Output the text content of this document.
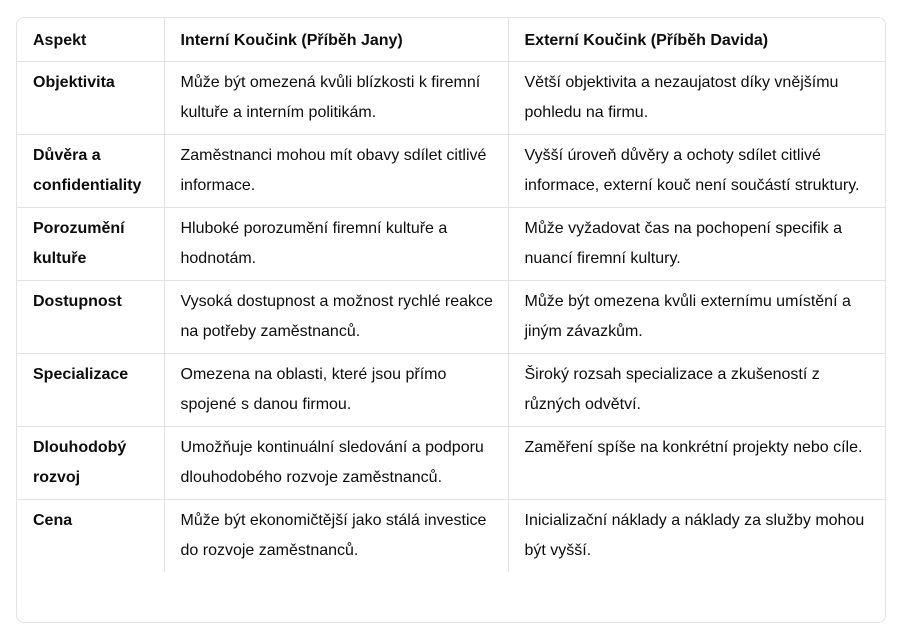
Aspekt	Interní Koučink (Příběh Jany)	Externí Koučink (Příběh Davida)
Objektivita	Může být omezená kvůli blízkosti k firemní kultuře a interním politikám.	Větší objektivita a nezaujatost díky vnějšímu pohledu na firmu.
Důvěra a confidentiality	Zaměstnanci mohou mít obavy sdílet citlivé informace.	Vyšší úroveň důvěry a ochoty sdílet citlivé informace, externí kouč není součástí struktury.
Porozumění kultuře	Hluboké porozumění firemní kultuře a hodnotám.	Může vyžadovat čas na pochopení specifik a nuancí firemní kultury.
Dostupnost	Vysoká dostupnost a možnost rychlé reakce na potřeby zaměstnanců.	Může být omezena kvůli externímu umístění a jiným závazkům.
Specializace	Omezena na oblasti, které jsou přímo spojené s danou firmou.	Široký rozsah specializace a zkušeností z různých odvětví.
Dlouhodobý rozvoj	Umožňuje kontinuální sledování a podporu dlouhodobého rozvoje zaměstnanců.	Zaměření spíše na konkrétní projekty nebo cíle.
Cena	Může být ekonomičtější jako stálá investice do rozvoje zaměstnanců.	Inicializační náklady a náklady za služby mohou být vyšší.
